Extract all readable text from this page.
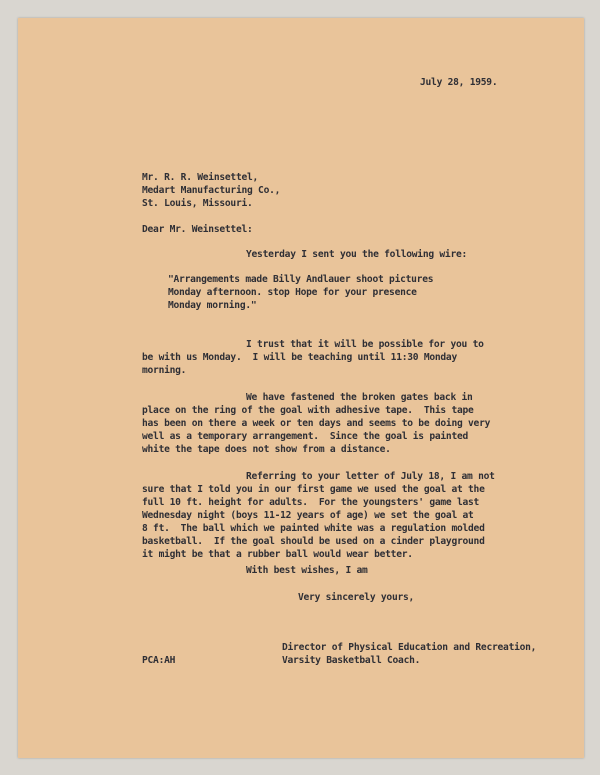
July 28, 1959.
Mr. R. R. Weinsettel,
Medart Manufacturing Co.,
St. Louis, Missouri.
Dear Mr. Weinsettel:
Yesterday I sent you the following wire:
"Arrangements made Billy Andlauer shoot pictures
Monday afternoon. stop Hope for your presence
Monday morning."
I trust that it will be possible for you to
be with us Monday.  I will be teaching until 11:30 Monday
morning.
We have fastened the broken gates back in
place on the ring of the goal with adhesive tape.  This tape
has been on there a week or ten days and seems to be doing very
well as a temporary arrangement.  Since the goal is painted
white the tape does not show from a distance.
Referring to your letter of July 18, I am not
sure that I told you in our first game we used the goal at the
full 10 ft. height for adults.  For the youngsters' game last
Wednesday night (boys 11-12 years of age) we set the goal at
8 ft.  The ball which we painted white was a regulation molded
basketball.  If the goal should be used on a cinder playground
it might be that a rubber ball would wear better.
With best wishes, I am
Very sincerely yours,
Director of Physical Education and Recreation,
PCA:AH	Varsity Basketball Coach.
